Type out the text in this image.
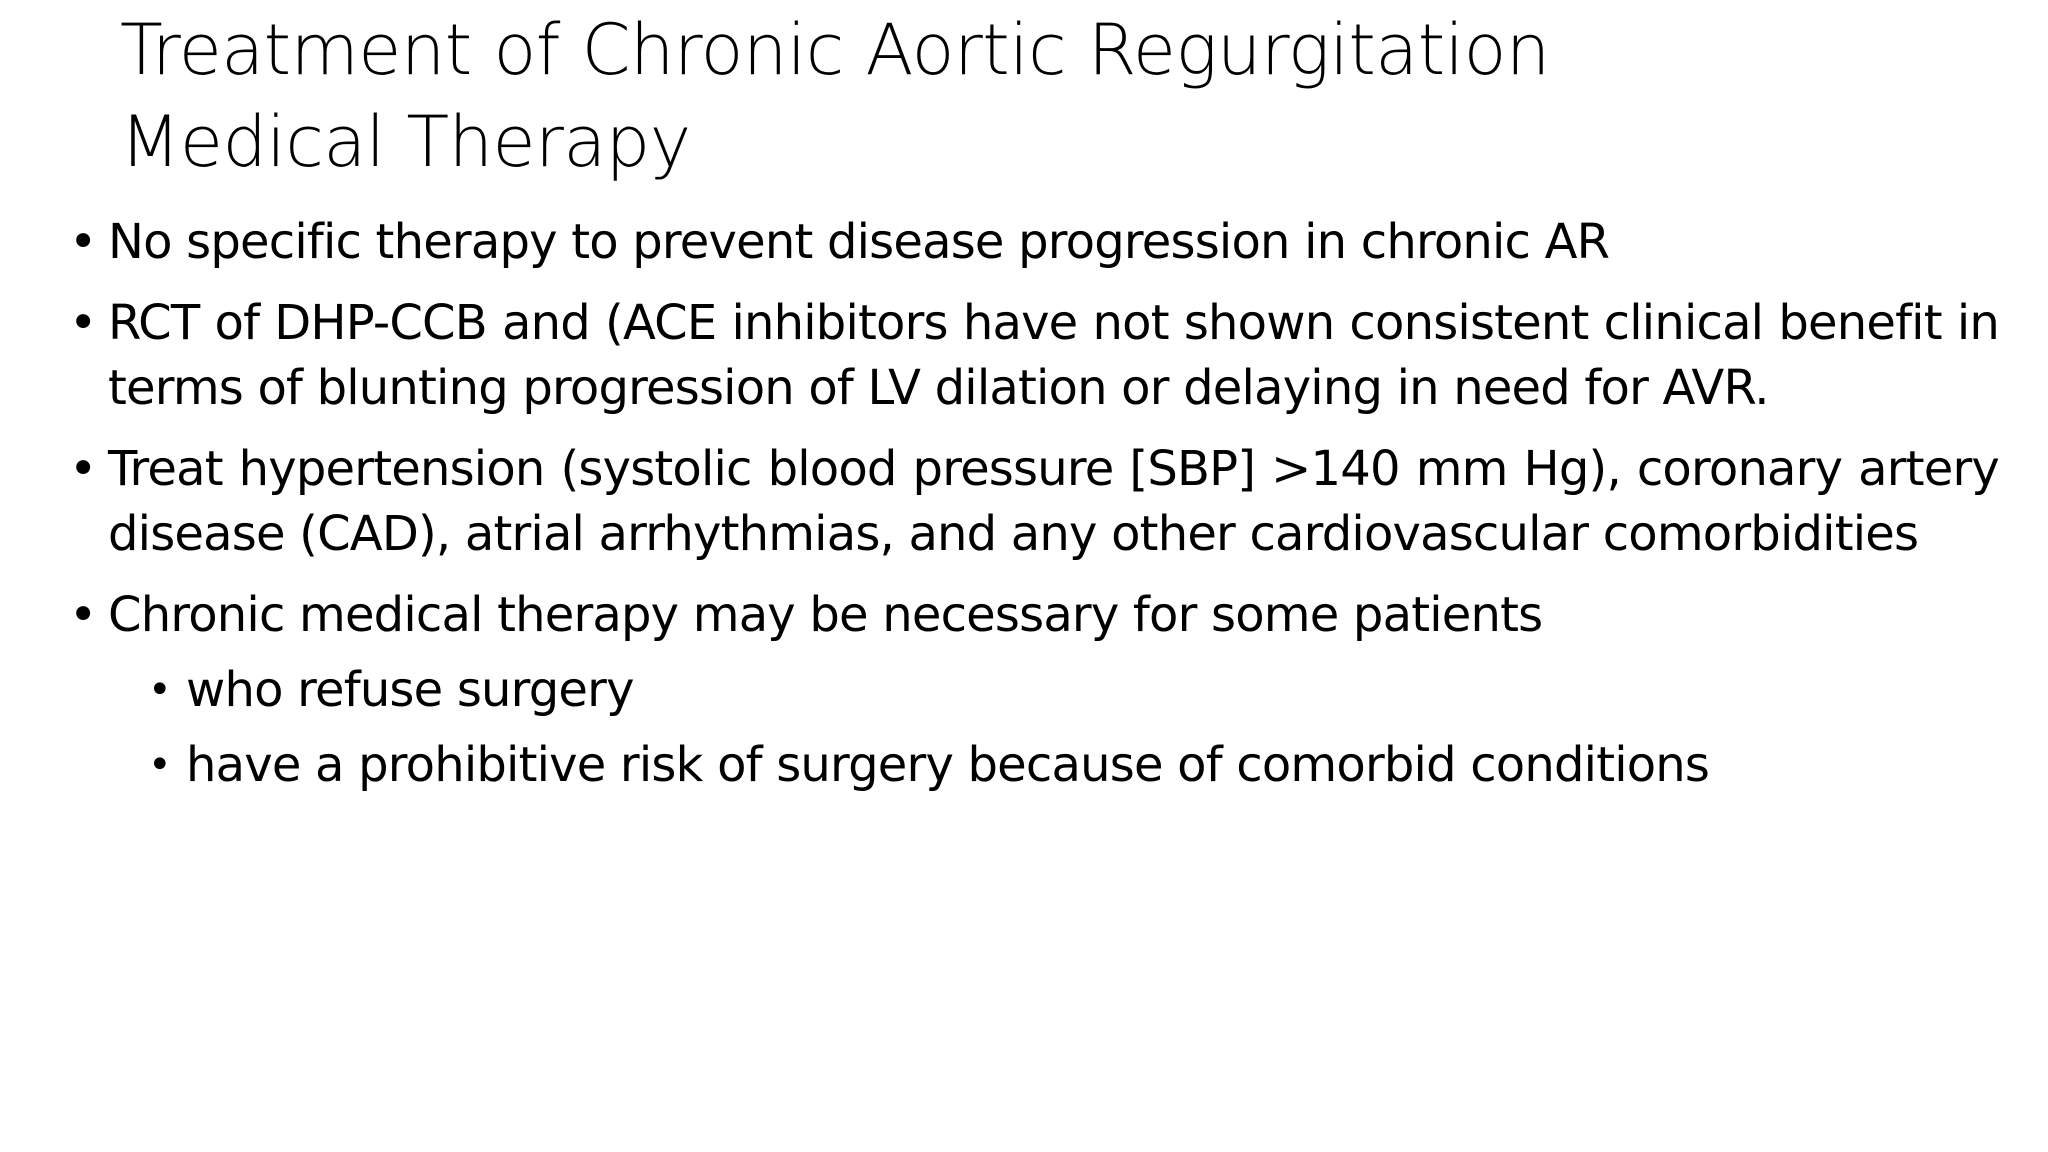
Treatment of Chronic Aortic Regurgitation
Medical Therapy
• No specific therapy to prevent disease progression in chronic AR
• RCT of DHP-CCB and (ACE inhibitors have not shown consistent clinical benefit in terms of blunting progression of LV dilation or delaying in need for AVR.
• Treat hypertension (systolic blood pressure [SBP] >140 mm Hg), coronary artery disease (CAD), atrial arrhythmias, and any other cardiovascular comorbidities
• Chronic medical therapy may be necessary for some patients
• who refuse surgery
• have a prohibitive risk of surgery because of comorbid conditions
